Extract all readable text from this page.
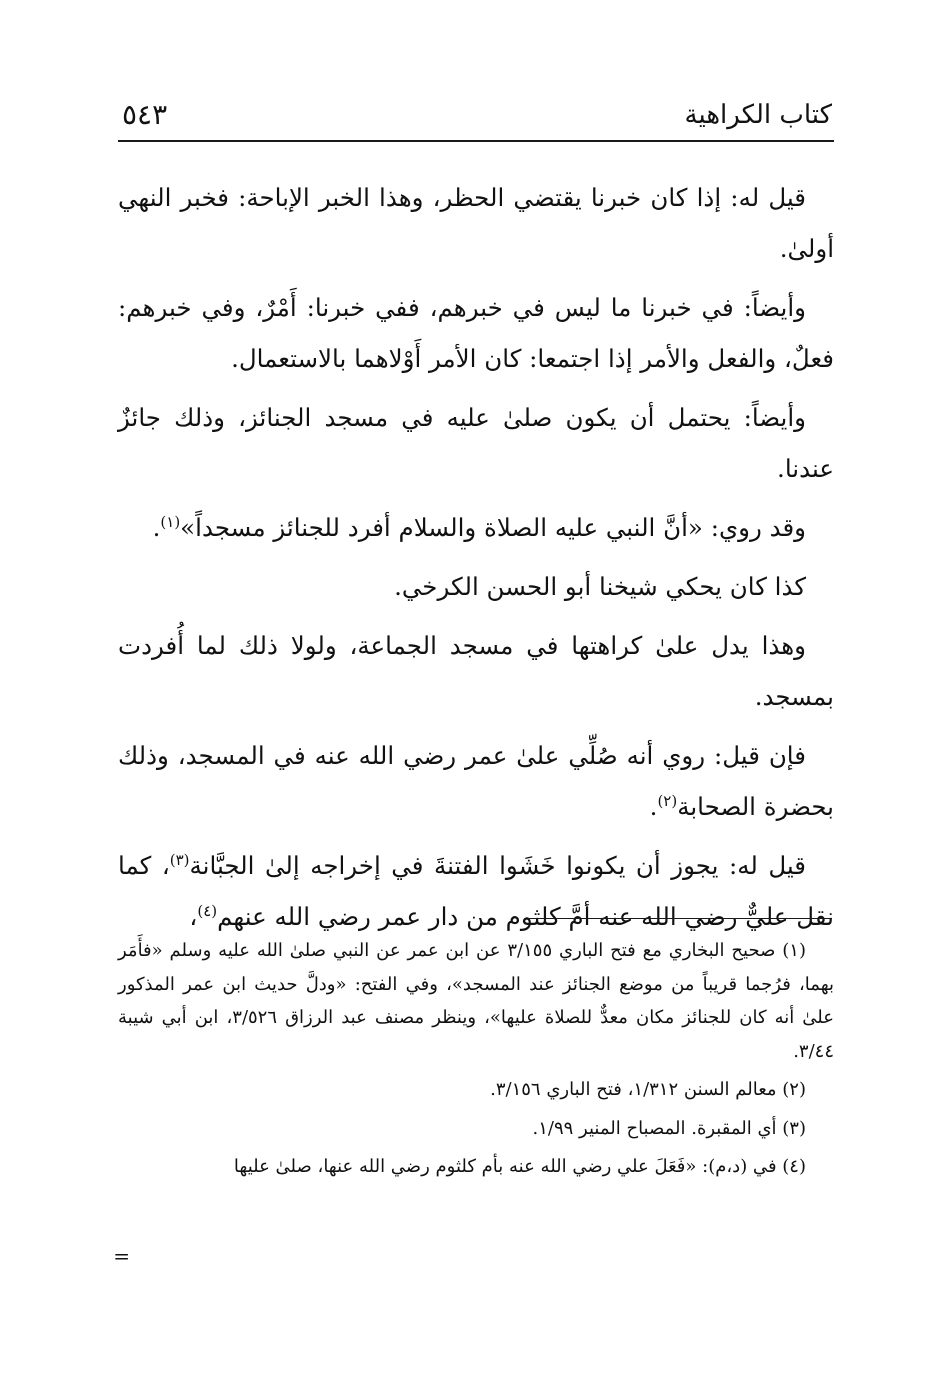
كتاب الكراهية
٥٤٣

قيل له: إذا كان خبرنا يقتضي الحظر، وهذا الخبر الإباحة: فخبر النهي أولىٰ.

وأيضاً: في خبرنا ما ليس في خبرهم، ففي خبرنا: أَمْرٌ، وفي خبرهم: فعلٌ، والفعل والأمر إذا اجتمعا: كان الأمر أَوْلاهما بالاستعمال.

وأيضاً: يحتمل أن يكون صلىٰ عليه في مسجد الجنائز، وذلك جائزٌ عندنا.

وقد روي: «أنَّ النبي عليه الصلاة والسلام أفرد للجنائز مسجداً»$^{(١)}$.

كذا كان يحكي شيخنا أبو الحسن الكرخي.

وهذا يدل علىٰ كراهتها في مسجد الجماعة، ولولا ذلك لما أُفردت بمسجد.

فإن قيل: روي أنه صُلِّي علىٰ عمر رضي الله عنه في المسجد، وذلك بحضرة الصحابة$^{(٢)}$.

قيل له: يجوز أن يكونوا خَشَوا الفتنةَ في إخراجه إلىٰ الجبَّانة$^{(٣)}$، كما نقل عليٌّ رضي الله عنه أمَّ كلثوم من دار عمر رضي الله عنهم$^{(٤)}$،

(١) صحيح البخاري مع فتح الباري ٣/١٥٥ عن ابن عمر عن النبي صلىٰ الله عليه وسلم «فأَمَر بهما، فرُجما قريباً من موضع الجنائز عند المسجد»، وفي الفتح: «ودلَّ حديث ابن عمر المذكور علىٰ أنه كان للجنائز مكان معدٌّ للصلاة عليها»، وينظر مصنف عبد الرزاق ٣/٥٢٦، ابن أبي شيبة ٣/٤٤.

(٢) معالم السنن ١/٣١٢، فتح الباري ٣/١٥٦.

(٣) أي المقبرة. المصباح المنير ١/٩٩.

(٤) في (د،م): «فَعَلَ علي رضي الله عنه بأم كلثوم رضي الله عنها، صلىٰ عليها

=
